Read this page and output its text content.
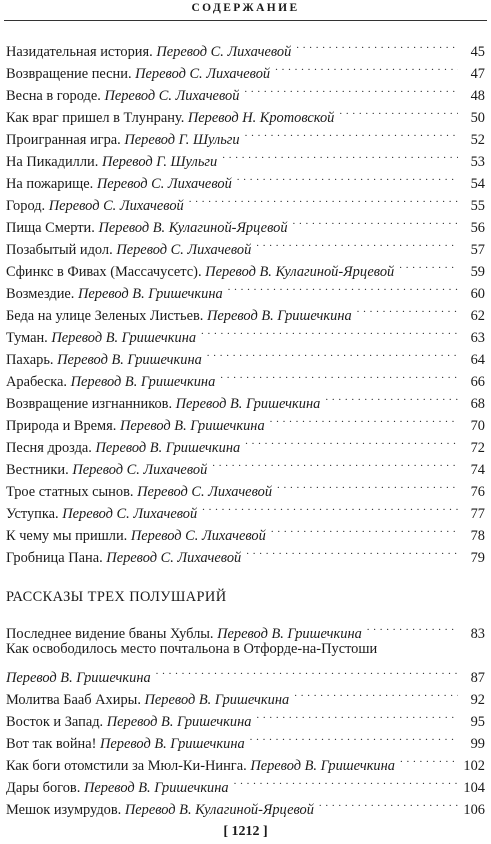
СОДЕРЖАНИЕ
Назидательная история. Перевод С. Лихачевой . . .	45
Возвращение песни. Перевод С. Лихачевой . . .	47
Весна в городе. Перевод С. Лихачевой . . .	48
Как враг пришел в Тлунрану. Перевод Н. Кротовской . . .	50
Проигранная игра. Перевод Г. Шульги . . .	52
На Пикадилли. Перевод Г. Шульги . . .	53
На пожарище. Перевод С. Лихачевой . . .	54
Город. Перевод С. Лихачевой . . .	55
Пища Смерти. Перевод В. Кулагиной-Ярцевой . . .	56
Позабытый идол. Перевод С. Лихачевой . . .	57
Сфинкс в Фивах (Массачусетс). Перевод В. Кулагиной-Ярцевой . . .	59
Возмездие. Перевод В. Гришечкина . . .	60
Беда на улице Зеленых Листьев. Перевод В. Гришечкина . . .	62
Туман. Перевод В. Гришечкина . . .	63
Пахарь. Перевод В. Гришечкина . . .	64
Арабеска. Перевод В. Гришечкина . . .	66
Возвращение изгнанников. Перевод В. Гришечкина . . .	68
Природа и Время. Перевод В. Гришечкина . . .	70
Песня дрозда. Перевод В. Гришечкина . . .	72
Вестники. Перевод С. Лихачевой . . .	74
Трое статных сынов. Перевод С. Лихачевой . . .	76
Уступка. Перевод С. Лихачевой . . .	77
К чему мы пришли. Перевод С. Лихачевой . . .	78
Гробница Пана. Перевод С. Лихачевой . . .	79
РАССКАЗЫ ТРЕХ ПОЛУШАРИЙ
Последнее видение бваны Хублы. Перевод В. Гришечкина . . .	83
Как освободилось место почтальона в Отфорде-на-Пустоши
Перевод В. Гришечкина . . .	87
Молитва Бааб Ахиры. Перевод В. Гришечкина . . .	92
Восток и Запад. Перевод В. Гришечкина . . .	95
Вот так война! Перевод В. Гришечкина . . .	99
Как боги отомстили за Мюл-Ки-Нинга. Перевод В. Гришечкина . . .	102
Дары богов. Перевод В. Гришечкина . . .	104
Мешок изумрудов. Перевод В. Кулагиной-Ярцевой . . .	106
[ 1212 ]
